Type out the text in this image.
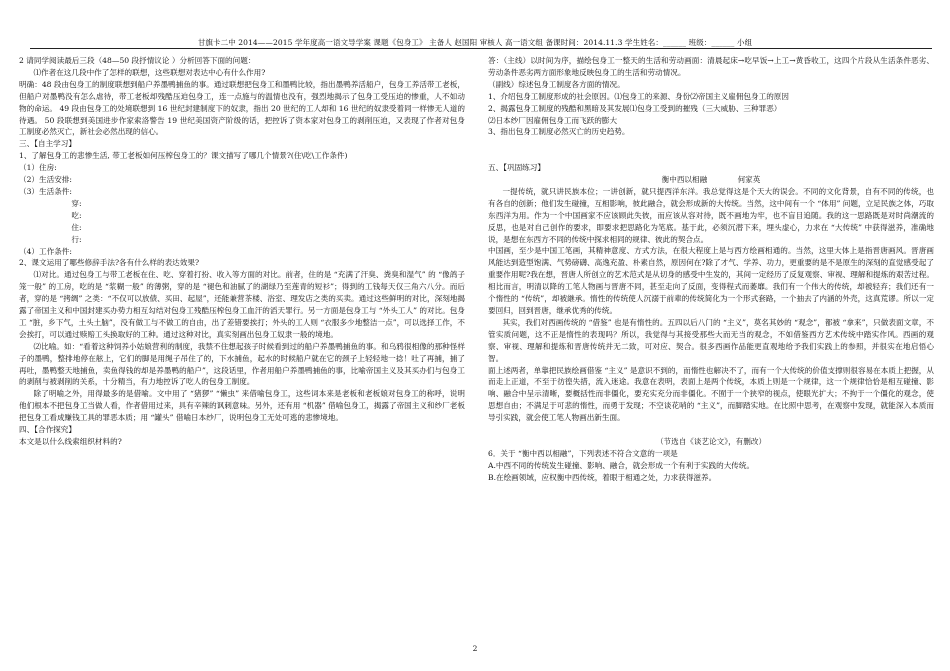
甘旗卡二中 2014——2015 学年度高一语文导学案 课题《包身工》 主备人 赵国阳 审核人 高一语文组 备课时间：2014.11.3 学生姓名：______ 班级：______ 小组

2 请同学阅读最后三段（48—50 段抒情议论 ）分析回答下面的问题：

⑴作者在这几段中作了怎样的联想，这些联想对表达中心有什么作用?

明确：48 段由包身工的制度联想到船户养墨鸭捕鱼的事。通过联想把包身工和墨鸭比较，指出墨鸭养活船户，包身工养活带工老板，但船户对墨鸭没有怎么虐待，带工老板却残酷压迫包身工，连一点施与的温情也没有，强烈地揭示了包身工受压迫的惨重，人不如动物的命运。 49 段由包身工的处境联想到 16 世纪封建制度下的奴隶，指出 20 世纪的工人却和 16 世纪的奴隶受着同一样惨无人道的待遇。 50 段联想到美国进步作家索洛警告 19 世纪美国资产阶级的话，把控诉了资本家对包身工的剥削压迫，又表现了作者对包身工制度必然灭亡，新社会必然出现的信心。

三、【自主学习】

1、了解包身工的悲惨生活, 带工老板如何压榨包身工的？课文描写了哪几个情景?(住\吃\工作条件)

（1）住房:

（2）生活安排:

（3）生活条件:

　　　　　穿:

　　　　　吃:

　　　　　住:

　　　　　行:

（4）工作条件:

2、课文运用了哪些修辞手法?各有什么样的表达效果?

⑴对比。通过包身工与带工老板在住、吃、穿着打扮、收入等方面的对比。前者，住的是 “充满了汗臭、粪臭和湿气” 的 “像鸽子笼一般” 的工房，吃的是 “浆糊一般” 的薄粥，穿的是 “褪色和油腻了的湖绿乃至莲青的短衫”；得到的工钱每天仅三角六八分。而后者，穿的是 “拷绸” 之类：“不仅可以放债、买田、起屋”，还能兼营茶楼、浴室、理发店之类的买卖。通过这些鲜明的对比，深刻地揭露了帝国主义和中国封建买办势力相互勾结对包身工残酷压榨包身工血汗的滔天罪行。另一方面是包身工与 “外头工人” 的对比。包身工 “脏，乡下气，土头土脑”，没有做工与不做工的自由，出了差错要挨打；外头的工人则 “衣服多少地整洁一点”，可以选择工作，不会挨打，可以通过赎赔工头换取好的工种。通过这种对比，真实刻画出包身工奴隶一般的境地。

⑵比喻。如：“看着这种饲养小姑娘营利的制度，我禁不住想起孩子时候看到过的船户养墨鸭捕鱼的事。和乌鸦很相像的那种怪样子的墨鸭，整排地停在舷上，它们的脚是用绳子吊住了的，下水捕鱼，起水的时候船户就在它的颈子上轻轻地一捻！吐了再捕，捕了再吐，墨鸭整天地捕鱼，卖鱼得钱的却是养墨鸭的船户”，这段话里，作者用船户养墨鸭捕鱼的事，比喻帝国主义及其买办们与包身工的剥削与被剥削的关系，十分精当，有力地控诉了吃人的包身工制度。

除了明喻之外，用得最多的是借喻。文中用了 “猪猡” “懒虫” 来借喻包身工，这些词本来是老板和老板娘对包身工的称呼，说明他们根本不把包身工当做人看，作者借用过来，具有辛辣的讽刺意味。另外，还有用 “机器” 借喻包身工，揭露了帝国主义和纱厂老板把包身工看成赚钱工具的罪恶本质；用 “罐头” 借喻日本纱厂，说明包身工无处可逃的悲惨境地。

四、【合作探究】

本文是以什么线索组织材料的?

答：（主线）以时间为序，描绘包身工一整天的生活和劳动画面：清晨起床→吃早饭→上工→黄昏收工，这四个片段从生活条件恶劣、劳动条件恶劣两方面形象地反映包身工的生活和劳动情况。

（副线）综述包身工制度各方面的情况。

1、介绍包身工制度形成的社会原因。⑴包身工的来源、身份⑵帝国主义雇佣包身工的原因

2、揭露包身工制度的残酷和黑暗及其发展⑴包身工受到的摧残（三大威胁、三种罪恶）

⑵日本纱厂因雇佣包身工而飞跃的膨大

3、指出包身工制度必然灭亡的历史趋势。

五、【巩固练习】

衡中西以相融　　　　何家英

一提传统，就只讲民族本位；一讲创新，就只提西洋东洋。我总觉得这是个天大的误会。不同的文化背景，自有不同的传统，也有各自的创新；他们发生碰撞，互相影响，彼此融合，就会形成新的大传统。当然，这中间有一个 “体用” 问题，立足民族之体，巧取东西洋为用。作为一个中国画家不应该顾此失彼，而应该从容对待，既不画地为牢，也不盲目追随。我的这一思路既是对时尚潮流的反思，也是对自己创作的要求，即要求把思路化为笔底。基于此，必须沉潜下来，埋头虚心，力求在 “大传统” 中获得滋养，准确地说，是想在东西方不同的传统中探求相同的规律、彼此的契合点。

中国画，至少是中国工笔画，其精神意度、方式方法，在很大程度上是与西方绘画相通的。当然，这里大体上是指晋唐画风。晋唐画风能达到造型饱满、气势磅礴、高逸充盈、朴素自然，原因何在?除了才气、学养、功力，更重要的是不是原生的深刻的直觉感受起了重要作用呢?我在想，晋唐人所创立的艺术范式是从切身的感受中生发的，其间一定经历了反复观察、审视、理解和提炼的艰苦过程。相比而言，明清以降的工笔人物画与晋唐不同，甚至走向了反面，变得程式而萎靡。我们有一个伟大的传统，却被轻弃；我们还有一个惰性的 “传统”，却被継承。惰性的传统使人沉溺于前辈的传统简化为一个形式套路，一个抽去了内涵的外壳，这真荒谬。所以一定要回归，回到晋唐，继承优秀的传统。

其实，我们对西画传统的 “借鉴” 也是有惰性的。五四以后八门的 “主义”，莫名其妙的 “观念”，都被 “拿来”，只做表面文章，不管实质问题，这不正是惰性的表现吗？所以，我觉得与其接受那些大而无当的观念，不如借鉴西方艺术传统中踏实作风。西画的观察、审视、理解和提炼和晋唐传统并无二致，可对应、契合。很多西画作品能更直观地给予我们实践上的参照，并很实在地启悟心智。

面上述两者，单靠把民族绘画借鉴 “主义” 是意识不到的，而惰性也解决不了，而有一个大传统的价值支撑则很容易在本质上把握，从而走上正道，不至于彷徨失措，流入迷途。我意在表明，表面上是两个传统，本质上则是一个规律，这一个规律恰恰是相互碰撞、影响、融合中呈示清晰，要概括性而非僵化，要充实充分而非僵化。不囿于一个狭窄的视点，使眼光扩大；不拘于一个僵化的观念，使思想自由；不满足于可悲的惰性，而勇于发现；不空谈花哨的 “主义”，而脚踏实地。在比照中思考，在观察中发现，就能深入本质而导引实践，就会使工笔人物画出新生面。

（节选自《谈艺论文》，有删改）

6．关于 “衡中西以相融”，下列表述不符合文意的一项是

A.中西不同的传统发生碰撞、影响、融合，就会形成一个有利于实践的大传统。

B.在绘画领域，应权衡中西传统，着眼于相通之处，力求获得滋养。

2
